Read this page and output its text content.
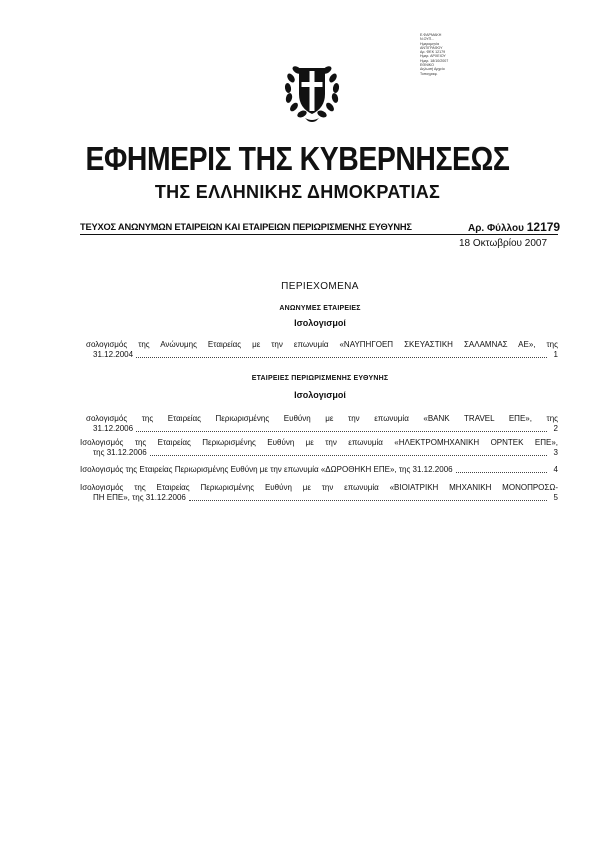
Ε.ΦΑΡΜΑΚΗ
Ν.ΟΥΠ...
Ημερομηνία
ΑΝΤΙΓΡΑΦΟΥ
Αρ. ΦΕΚ 12179
Ημερ. ΑΡΧΕΙΟΥ
Ημερ. 18/10/2007
ΕΘΝΙΚΟ
Δηλωσή Αρχείο
Τυπογραφ.
ΕΦΗΜΕΡΙΣ ΤΗΣ ΚΥΒΕΡΝΗΣΕΩΣ
ΤΗΣ ΕΛΛΗΝΙΚΗΣ ΔΗΜΟΚΡΑΤΙΑΣ
ΤΕΥΧΟΣ ΑΝΩΝΥΜΩΝ ΕΤΑΙΡΕΙΩΝ ΚΑΙ ΕΤΑΙΡΕΙΩΝ ΠΕΡΙΩΡΙΣΜΕΝΗΣ ΕΥΘΥΝΗΣ	Αρ. Φύλλου 12179
18 Οκτωβρίου 2007
ΠΕΡΙΕΧΟΜΕΝΑ
ΑΝΩΝΥΜΕΣ ΕΤΑΙΡΕΙΕΣ
Ισολογισμοί
σολογισμός της Ανώνυμης Εταιρείας με την επωνυμία «ΝΑΥΠΗΓΟΕΠ ΣΚΕΥΑΣΤΙΚΗ ΣΑΛΑΜΝΑΣ ΑΕ», της
31.12.2004	1
ΕΤΑΙΡΕΙΕΣ ΠΕΡΙΩΡΙΣΜΕΝΗΣ ΕΥΘΥΝΗΣ
Ισολογισμοί
σολογισμός της Εταιρείας Περιωρισμένης Ευθύνη με την επωνυμία «BANK TRAVEL ΕΠΕ», της
31.12.2006	2
Ισολογισμός της Εταιρείας Περιωρισμένης Ευθύνη με την επωνυμία «ΗΛΕΚΤΡΟΜΗΧΑΝΙΚΗ ΟΡΝΤΕΚ ΕΠΕ»,
της 31.12.2006	3
Ισολογισμός της Εταιρείας Περιωρισμένης Ευθύνη με την επωνυμία «ΔΩΡΟΘΗΚΗ ΕΠΕ», της 31.12.2006	4
Ισολογισμός της Εταιρείας Περιωρισμένης Ευθύνη με την επωνυμία «ΒΙΟΙΑΤΡΙΚΗ ΜΗΧΑΝΙΚΗ ΜΟΝΟΠΡΟΣΩ-
ΠΗ ΕΠΕ», της 31.12.2006	5
